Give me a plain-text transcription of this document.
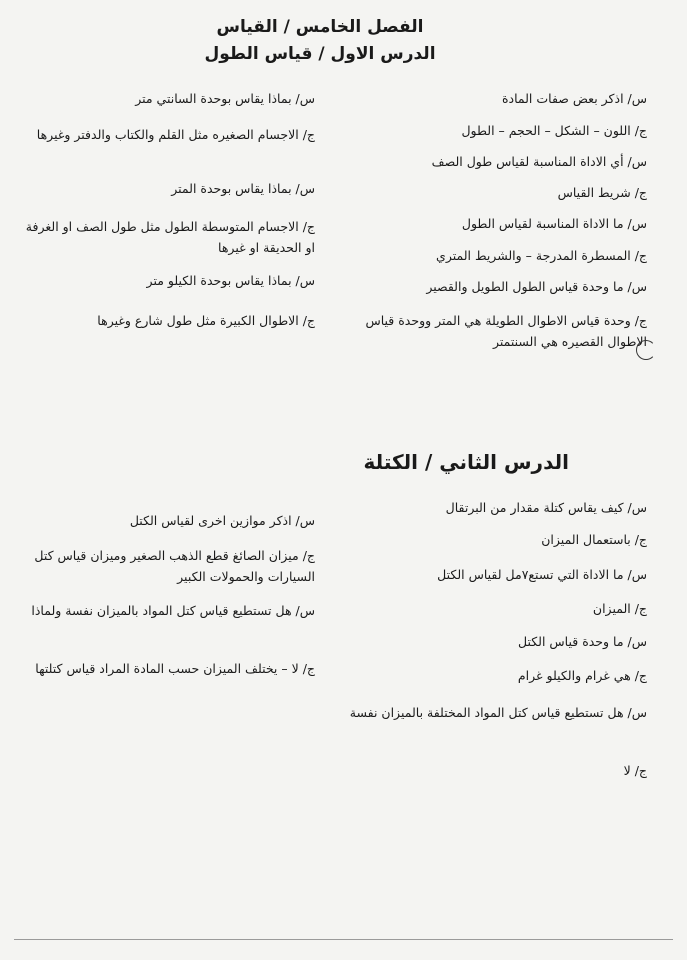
الفصل الخامس / القياس
الدرس الاول / قياس الطول
س/ اذكر بعض صفات المادة
ج/ اللون – الشكل – الحجم – الطول
س/ أي الاداة المناسبة لقياس طول الصف
ج/ شريط القياس
س/ ما الاداة المناسبة لقياس الطول
ج/ المسطرة المدرجة – والشريط المتري
س/ ما وحدة قياس الطول الطويل والقصير
ج/ وحدة قياس الاطوال الطويلة هي المتر ووحدة قياس الاطوال القصيره هي السنتمتر
س/ بماذا يقاس بوحدة السانتي متر
ج/ الاجسام الصغيره مثل القلم والكتاب والدفتر وغيرها
س/ بماذا يقاس بوحدة المتر
ج/ الاجسام المتوسطة الطول مثل طول الصف او الغرفة او الحديقة او غيرها
س/ بماذا يقاس بوحدة الكيلو متر
ج/ الاطوال الكبيرة مثل طول شارع وغيرها
الدرس الثاني / الكتلة
س/ كيف يقاس كتلة مقدار من البرتقال
ج/ باستعمال الميزان
س/ ما الاداة التي تستع٧مل لقياس الكتل
ج/ الميزان
س/ ما وحدة قياس الكتل
ج/ هي غرام والكيلو غرام
س/ هل تستطيع قياس كتل المواد المختلفة بالميزان نفسة
ج/ لا
س/ اذكر موازين اخرى لقياس الكتل
ج/ ميزان الصائغ قطع الذهب الصغير وميزان قياس كتل السيارات والحمولات الكبير
س/ هل تستطيع قياس كتل المواد بالميزان نفسة ولماذا
ج/ لا – يختلف الميزان حسب المادة المراد قياس كتلتها
